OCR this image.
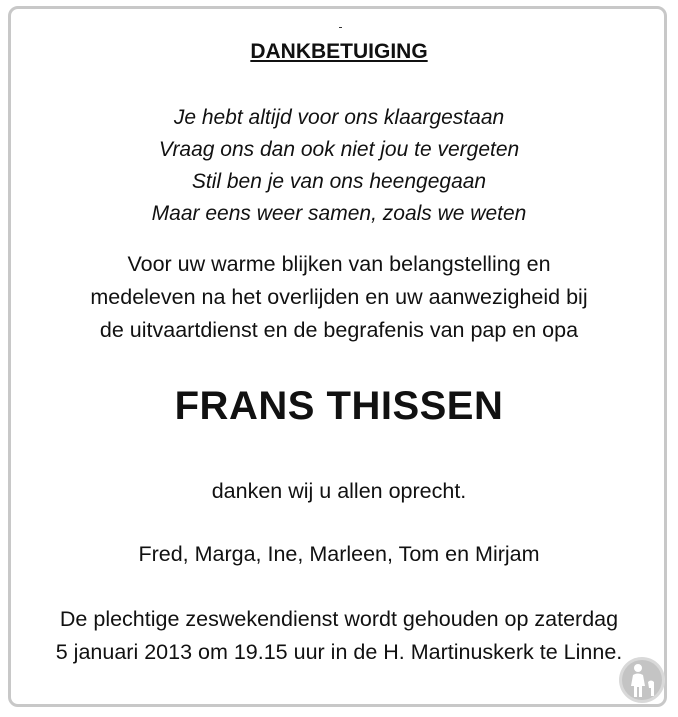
DANKBETUIGING
Je hebt altijd voor ons klaargestaan
Vraag ons dan ook niet jou te vergeten
Stil ben je van ons heengegaan
Maar eens weer samen, zoals we weten
Voor uw warme blijken van belangstelling en
medeleven na het overlijden en uw aanwezigheid bij
de uitvaartdienst en de begrafenis van pap en opa
FRANS THISSEN
danken wij u allen oprecht.
Fred, Marga, Ine, Marleen, Tom en Mirjam
De plechtige zeswekendienst wordt gehouden op zaterdag
5 januari 2013 om 19.15 uur in de H. Martinuskerk te Linne.
